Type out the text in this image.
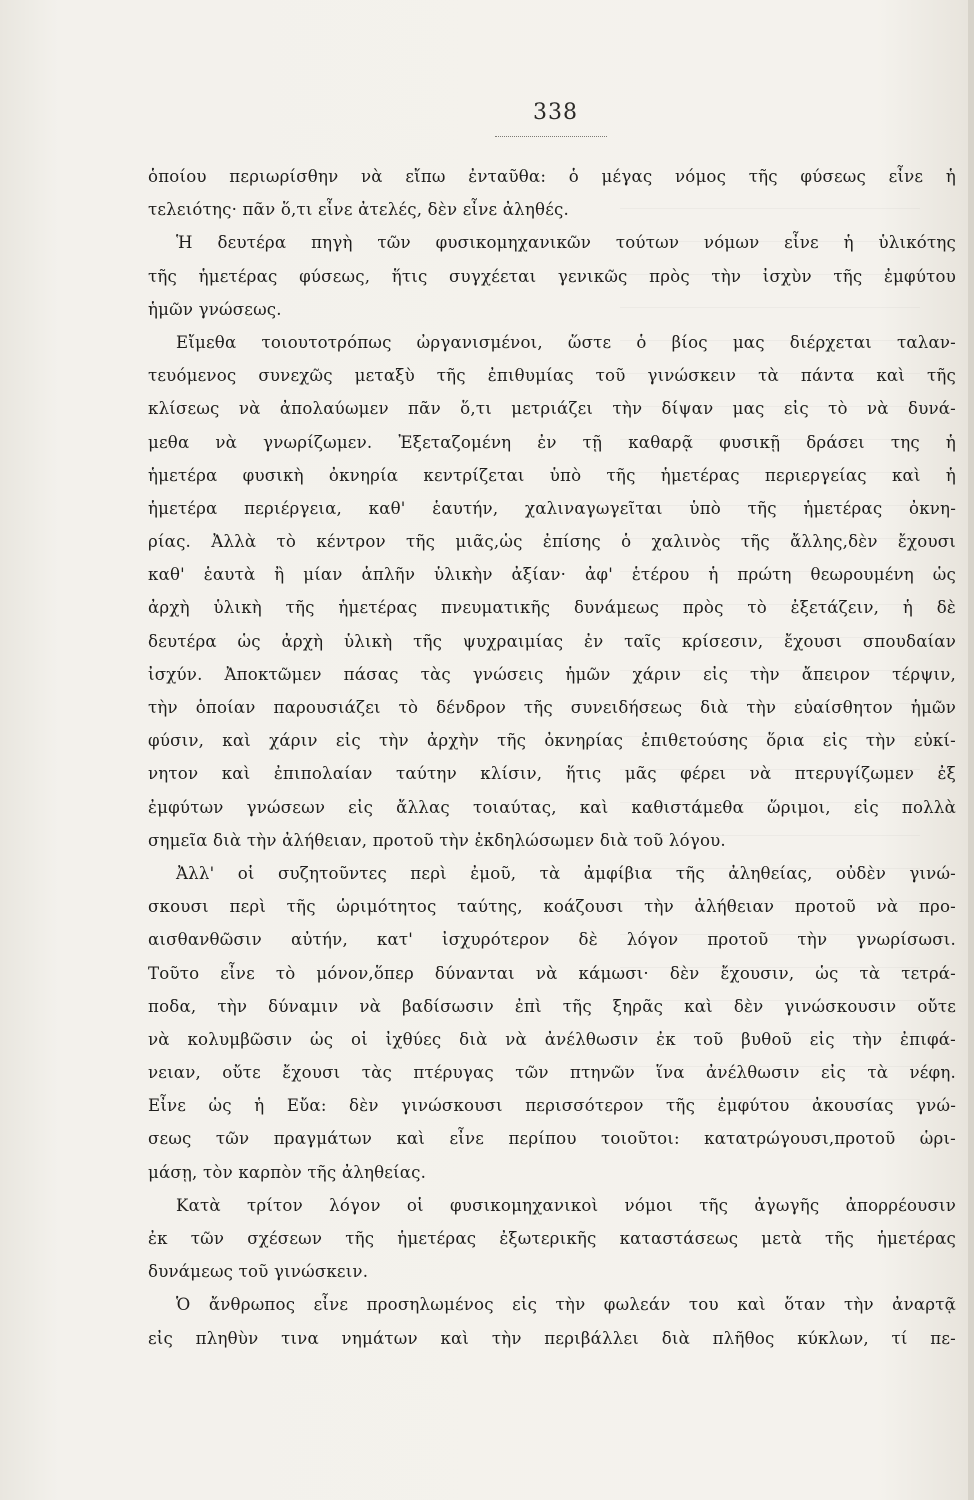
338
ὁποίου περιωρίσθην νὰ εἴπω ἐνταῦθα: ὁ μέγας νόμος τῆς φύσεως εἶνε ἡ
τελειότης· πᾶν ὅ,τι εἶνε ἀτελές, δὲν εἶνε ἀληθές.
Ἡ δευτέρα πηγὴ τῶν φυσικομηχανικῶν τούτων νόμων εἶνε ἡ ὑλικότης
τῆς ἡμετέρας φύσεως, ἥτις συγχέεται γενικῶς πρὸς τὴν ἰσχὺν τῆς ἐμφύτου
ἡμῶν γνώσεως.
Εἴμεθα τοιουτοτρόπως ὠργανισμένοι, ὥστε ὁ βίος μας διέρχεται ταλαν-
τευόμενος συνεχῶς μεταξὺ τῆς ἐπιθυμίας τοῦ γινώσκειν τὰ πάντα καὶ τῆς
κλίσεως νὰ ἀπολαύωμεν πᾶν ὅ,τι μετριάζει τὴν δίψαν μας εἰς τὸ νὰ δυνά-
μεθα νὰ γνωρίζωμεν. Ἐξεταζομένη ἐν τῇ καθαρᾷ φυσικῇ δράσει της ἡ
ἡμετέρα φυσικὴ ὀκνηρία κεντρίζεται ὑπὸ τῆς ἡμετέρας περιεργείας καὶ ἡ
ἡμετέρα περιέργεια, καθ' ἑαυτήν, χαλιναγωγεῖται ὑπὸ τῆς ἡμετέρας ὀκνη-
ρίας. Ἀλλὰ τὸ κέντρον τῆς μιᾶς,ὡς ἐπίσης ὁ χαλινὸς τῆς ἄλλης,δὲν ἔχουσι
καθ' ἑαυτὰ ἢ μίαν ἁπλῆν ὑλικὴν ἀξίαν· ἀφ' ἑτέρου ἡ πρώτη θεωρουμένη ὡς
ἀρχὴ ὑλικὴ τῆς ἡμετέρας πνευματικῆς δυνάμεως πρὸς τὸ ἐξετάζειν, ἡ δὲ
δευτέρα ὡς ἀρχὴ ὑλικὴ τῆς ψυχραιμίας ἐν ταῖς κρίσεσιν, ἔχουσι σπουδαίαν
ἰσχύν. Ἀποκτῶμεν πάσας τὰς γνώσεις ἡμῶν χάριν εἰς τὴν ἄπειρον τέρψιν,
τὴν ὁποίαν παρουσιάζει τὸ δένδρον τῆς συνειδήσεως διὰ τὴν εὐαίσθητον ἡμῶν
φύσιν, καὶ χάριν εἰς τὴν ἀρχὴν τῆς ὀκνηρίας ἐπιθετούσης ὅρια εἰς τὴν εὐκί-
νητον καὶ ἐπιπολαίαν ταύτην κλίσιν, ἥτις μᾶς φέρει νὰ πτερυγίζωμεν ἐξ
ἐμφύτων γνώσεων εἰς ἄλλας τοιαύτας, καὶ καθιστάμεθα ὥριμοι, εἰς πολλὰ
σημεῖα διὰ τὴν ἀλήθειαν, προτοῦ τὴν ἐκδηλώσωμεν διὰ τοῦ λόγου.
Ἀλλ' οἱ συζητοῦντες περὶ ἐμοῦ, τὰ ἀμφίβια τῆς ἀληθείας, οὐδὲν γινώ-
σκουσι περὶ τῆς ὡριμότητος ταύτης, κοάζουσι τὴν ἀλήθειαν προτοῦ νὰ προ-
αισθανθῶσιν αὐτήν, κατ' ἰσχυρότερον δὲ λόγον προτοῦ τὴν γνωρίσωσι.
Τοῦτο εἶνε τὸ μόνον,ὅπερ δύνανται νὰ κάμωσι· δὲν ἔχουσιν, ὡς τὰ τετρά-
ποδα, τὴν δύναμιν νὰ βαδίσωσιν ἐπὶ τῆς ξηρᾶς καὶ δὲν γινώσκουσιν οὔτε
νὰ κολυμβῶσιν ὡς οἱ ἰχθύες διὰ νὰ ἀνέλθωσιν ἐκ τοῦ βυθοῦ εἰς τὴν ἐπιφά-
νειαν, οὔτε ἔχουσι τὰς πτέρυγας τῶν πτηνῶν ἵνα ἀνέλθωσιν εἰς τὰ νέφη.
Εἶνε ὡς ἡ Εὔα: δὲν γινώσκουσι περισσότερον τῆς ἐμφύτου ἀκουσίας γνώ-
σεως τῶν πραγμάτων καὶ εἶνε περίπου τοιοῦτοι: κατατρώγουσι,προτοῦ ὡρι-
μάσῃ, τὸν καρπὸν τῆς ἀληθείας.
Κατὰ τρίτον λόγον οἱ φυσικομηχανικοὶ νόμοι τῆς ἀγωγῆς ἀπορρέουσιν
ἐκ τῶν σχέσεων τῆς ἡμετέρας ἐξωτερικῆς καταστάσεως μετὰ τῆς ἡμετέρας
δυνάμεως τοῦ γινώσκειν.
Ὁ ἄνθρωπος εἶνε προσηλωμένος εἰς τὴν φωλεάν του καὶ ὅταν τὴν ἀναρτᾷ
εἰς πληθὺν τινα νημάτων καὶ τὴν περιβάλλει διὰ πλῆθος κύκλων, τί πε-
